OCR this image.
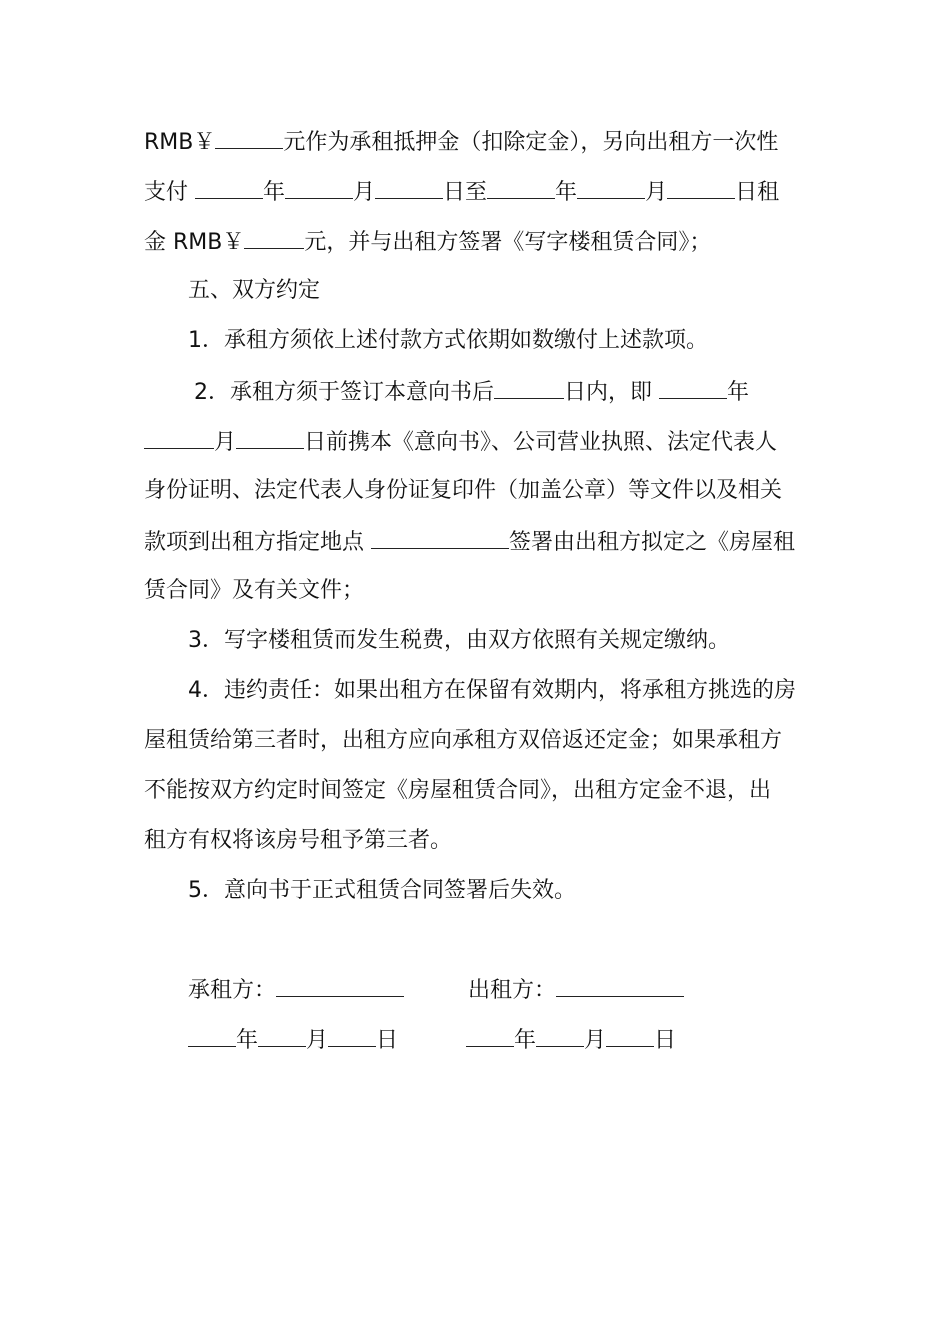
RMB￥	元作为承租抵押金（扣除定金），另向出租方一次性
支付	年	月	日至	年	月	日租
金 RMB￥	元，并与出租方签署《写字楼租赁合同》；
五、双方约定
1．承租方须依上述付款方式依期如数缴付上述款项。
2．承租方须于签订本意向书后	日内，即	年
月	日前携本《意向书》、公司营业执照、法定代表人
身份证明、法定代表人身份证复印件（加盖公章）等文件以及相关
款项到出租方指定地点	签署由出租方拟定之《房屋租
赁合同》及有关文件；
3．写字楼租赁而发生税费，由双方依照有关规定缴纳。
4．违约责任：如果出租方在保留有效期内，将承租方挑选的房
屋租赁给第三者时，出租方应向承租方双倍返还定金；如果承租方
不能按双方约定时间签定《房屋租赁合同》，出租方定金不退，出
租方有权将该房号租予第三者。
5．意向书于正式租赁合同签署后失效。
承租方：	出租方：
年 月 日	年 月 日
